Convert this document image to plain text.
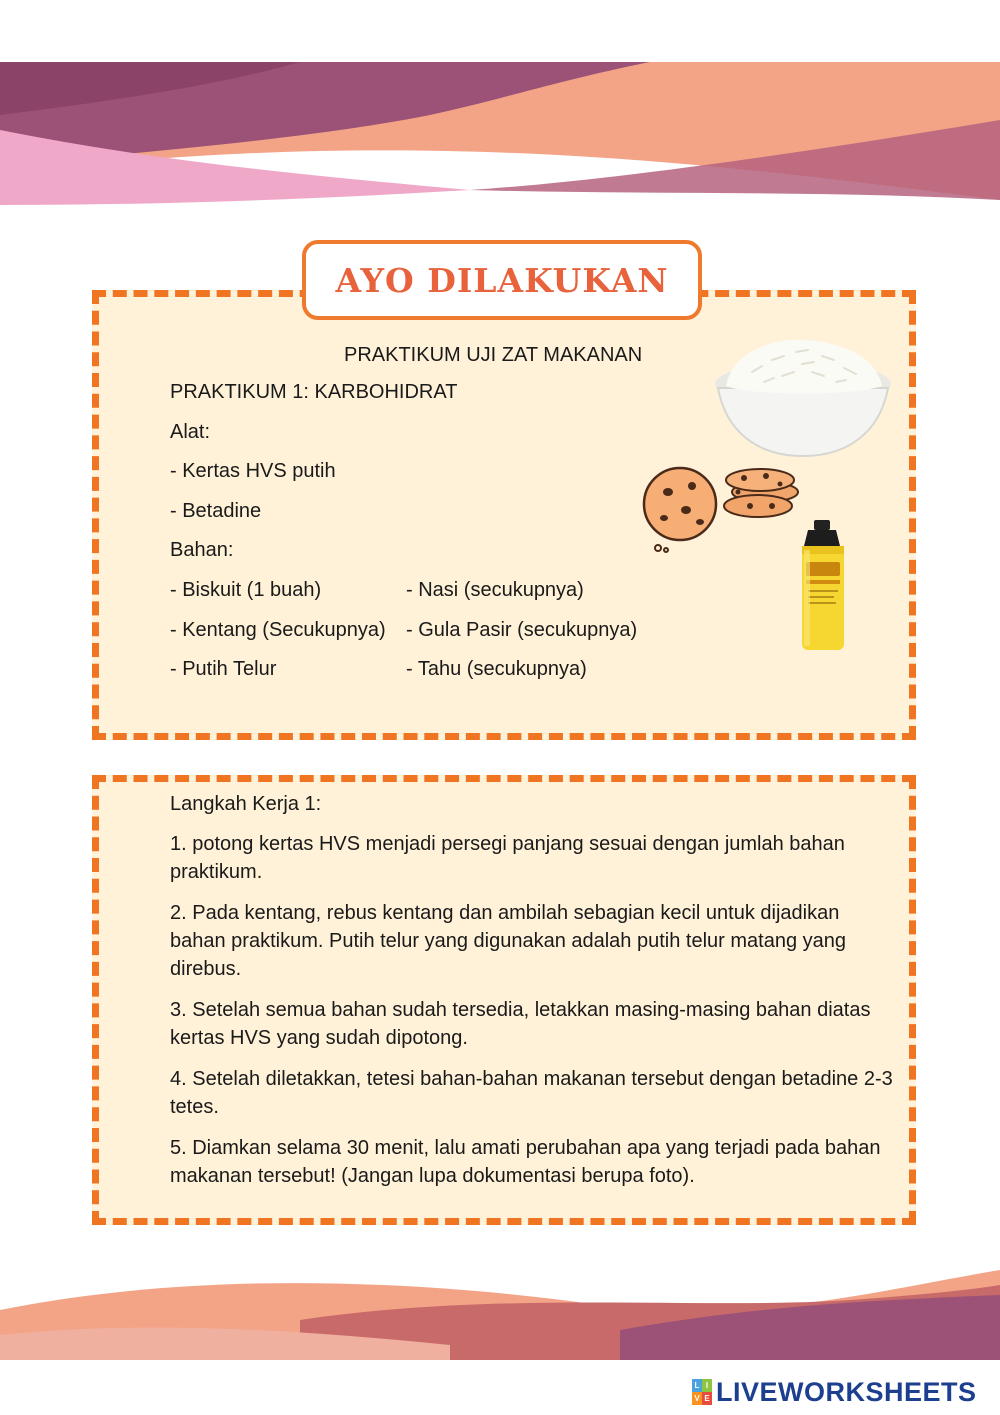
AYO DILAKUKAN
PRAKTIKUM UJI ZAT MAKANAN
PRAKTIKUM 1: KARBOHIDRAT
Alat:
- Kertas HVS putih
- Betadine
Bahan:
- Biskuit (1 buah)
- Kentang (Secukupnya)
- Putih Telur
- Nasi (secukupnya)
- Gula Pasir (secukupnya)
- Tahu (secukupnya)

Langkah Kerja 1:

1. potong kertas HVS menjadi persegi panjang sesuai dengan jumlah bahan praktikum.

2. Pada kentang, rebus kentang dan ambilah sebagian kecil untuk dijadikan bahan praktikum. Putih telur yang digunakan adalah putih telur matang yang direbus.

3. Setelah semua bahan sudah tersedia, letakkan masing-masing bahan diatas kertas HVS yang sudah dipotong.

4. Setelah diletakkan, tetesi bahan-bahan makanan tersebut dengan betadine 2-3 tetes.

5. Diamkan selama 30 menit, lalu amati perubahan apa yang terjadi pada bahan makanan tersebut! (Jangan lupa dokumentasi berupa foto).

L I
V E LIVEWORKSHEETS
